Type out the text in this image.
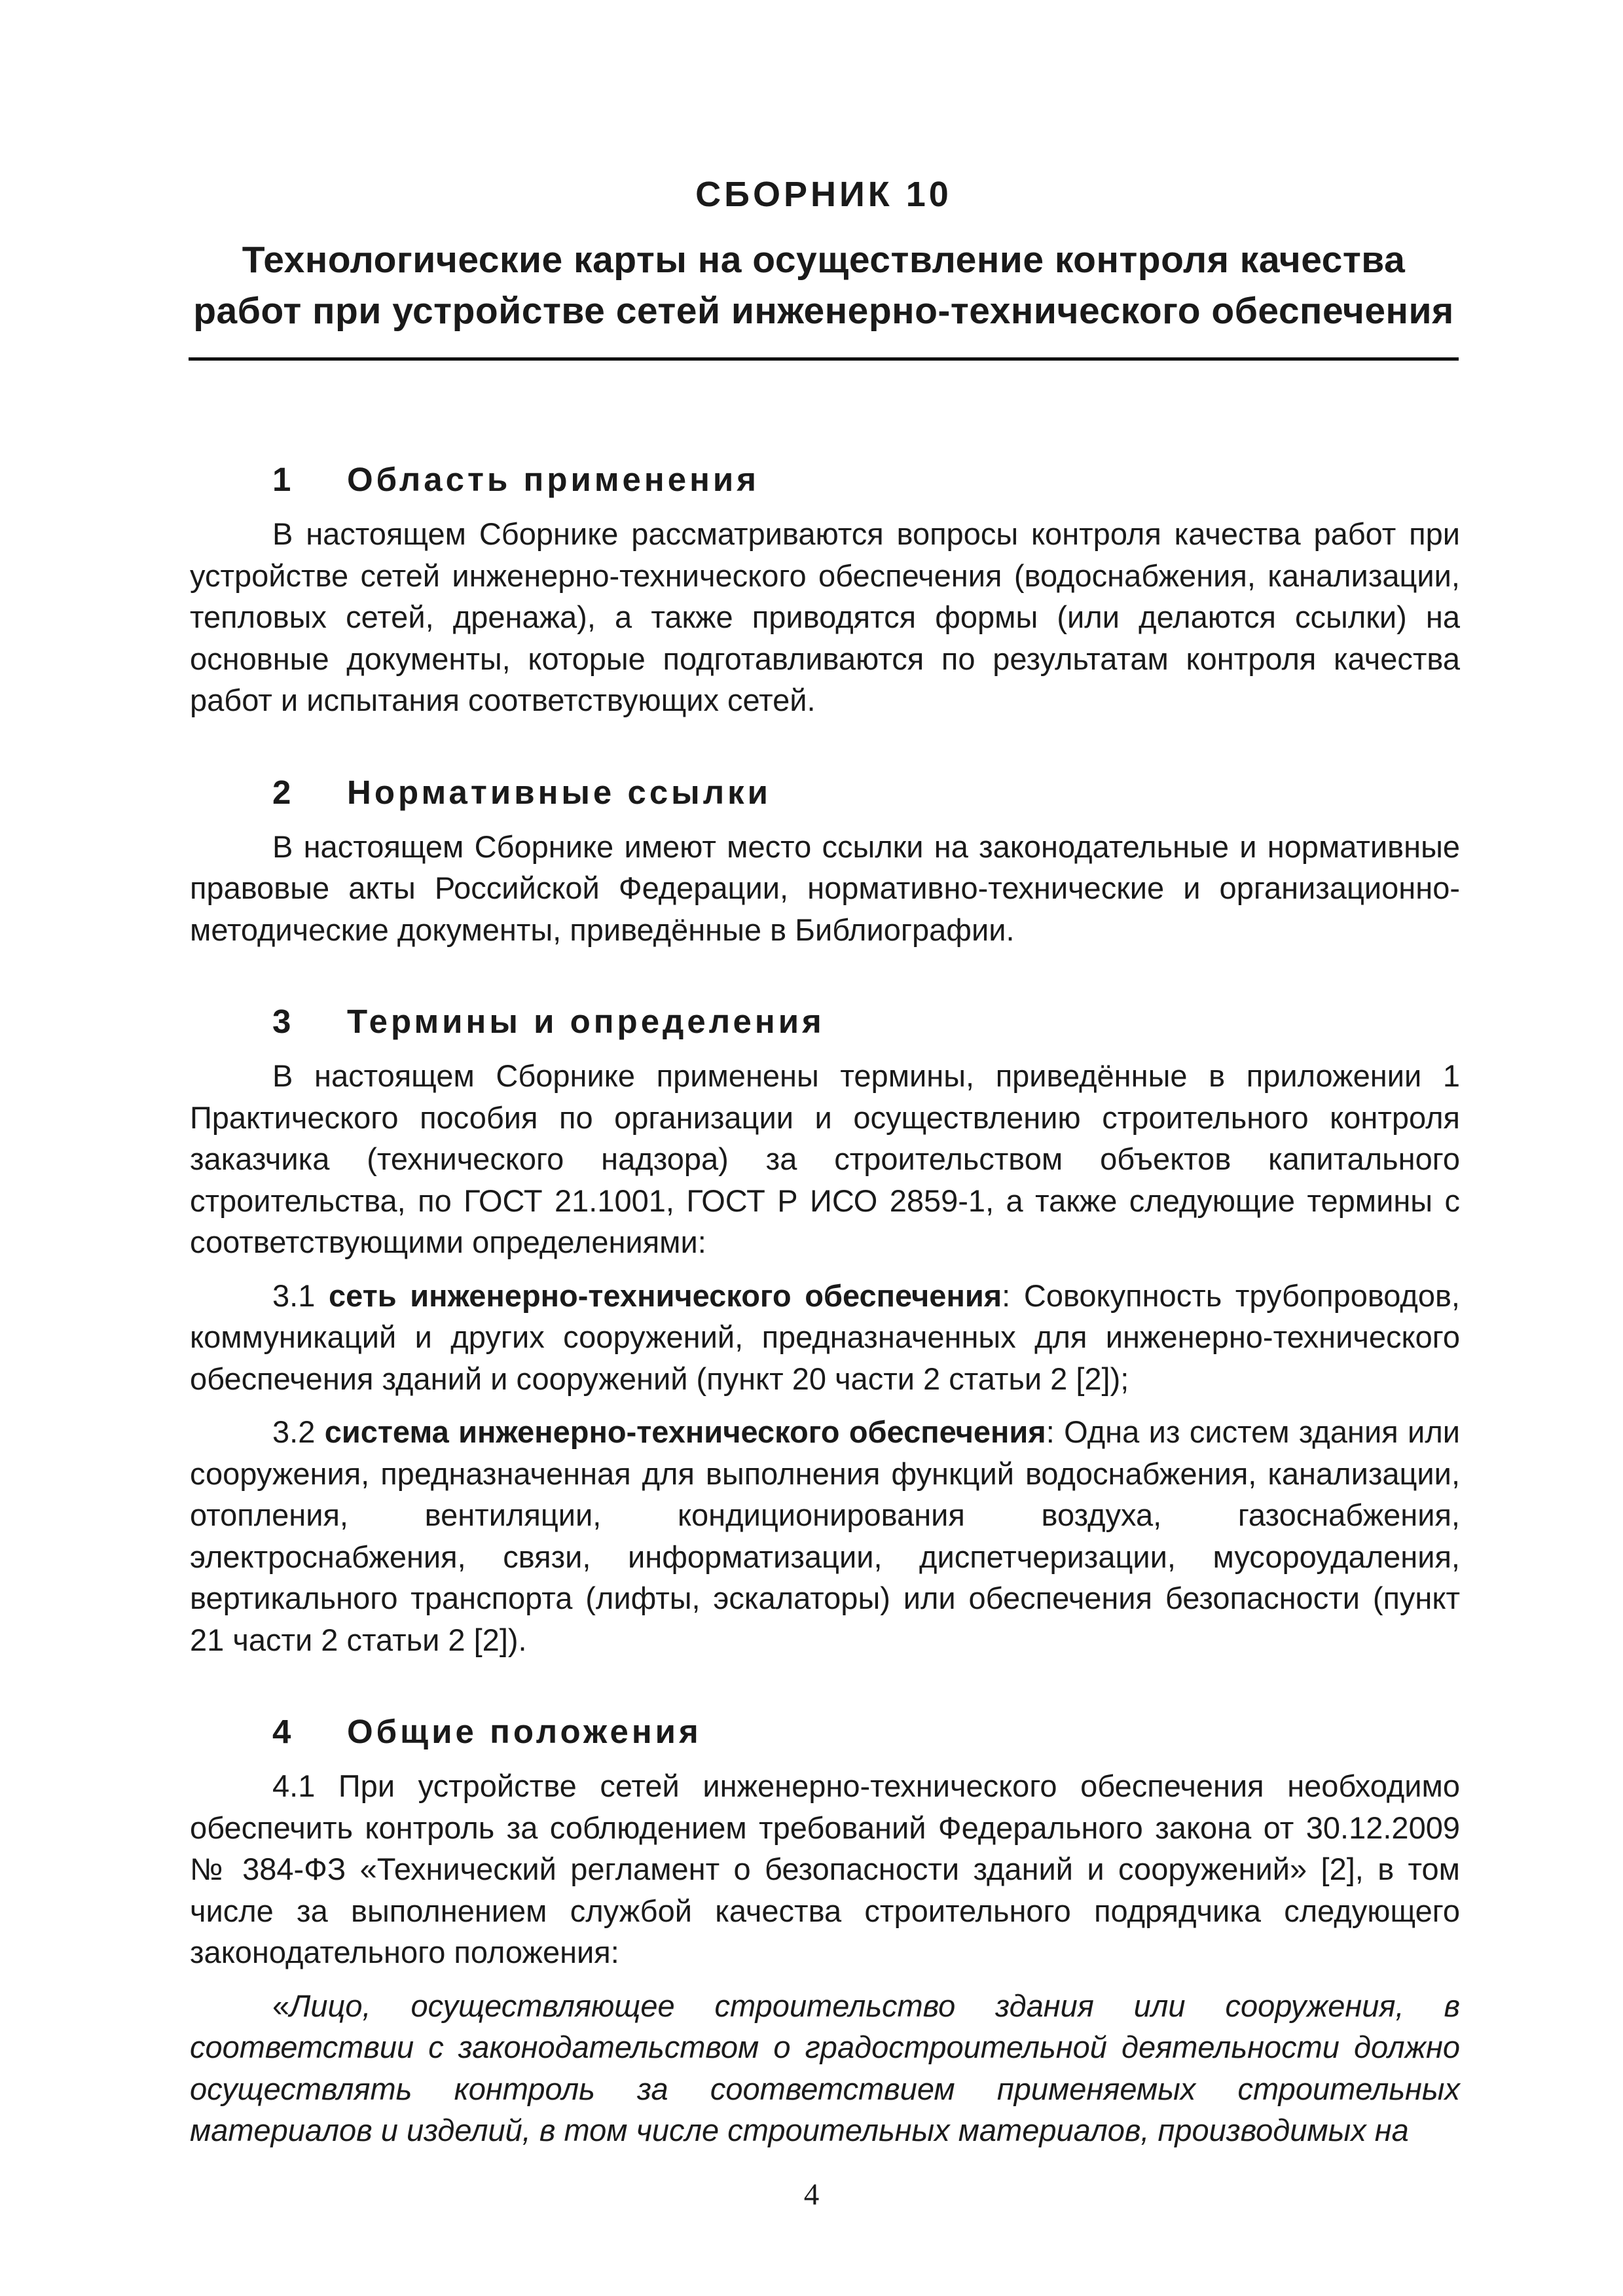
СБОРНИК 10
Технологические карты на осуществление контроля качества
работ при устройстве сетей инженерно-технического обеспечения
1 Область применения

В настоящем Сборнике рассматриваются вопросы контроля качества работ при устройстве сетей инженерно-технического обеспечения (водоснабжения, канализации, тепловых сетей, дренажа), а также приводятся формы (или делаются ссылки) на основные документы, которые подготавливаются по результатам контроля качества работ и испытания соответствующих сетей.

2 Нормативные ссылки

В настоящем Сборнике имеют место ссылки на законодательные и нормативные правовые акты Российской Федерации, нормативно-технические и организационно-методические документы, приведённые в Библиографии.

3 Термины и определения

В настоящем Сборнике применены термины, приведённые в приложении 1 Практического пособия по организации и осуществлению строительного контроля заказчика (технического надзора) за строительством объектов капитального строительства, по ГОСТ 21.1001, ГОСТ Р ИСО 2859-1, а также следующие термины с соответствующими определениями:

3.1 сеть инженерно-технического обеспечения: Совокупность трубопроводов, коммуникаций и других сооружений, предназначенных для инженерно-технического обеспечения зданий и сооружений (пункт 20 части 2 статьи 2 [2]);

3.2 система инженерно-технического обеспечения: Одна из систем здания или сооружения, предназначенная для выполнения функций водоснабжения, канализации, отопления, вентиляции, кондиционирования воздуха, газоснабжения, электроснабжения, связи, информатизации, диспетчеризации, мусороудаления, вертикального транспорта (лифты, эскалаторы) или обеспечения безопасности (пункт 21 части 2 статьи 2 [2]).

4 Общие положения

4.1 При устройстве сетей инженерно-технического обеспечения необходимо обеспечить контроль за соблюдением требований Федерального закона от 30.12.2009 № 384-ФЗ «Технический регламент о безопасности зданий и сооружений» [2], в том числе за выполнением службой качества строительного подрядчика следующего законодательного положения:

«Лицо, осуществляющее строительство здания или сооружения, в соответствии с законодательством о градостроительной деятельности должно осуществлять контроль за соответствием применяемых строительных материалов и изделий, в том числе строительных материалов, производимых на

4
